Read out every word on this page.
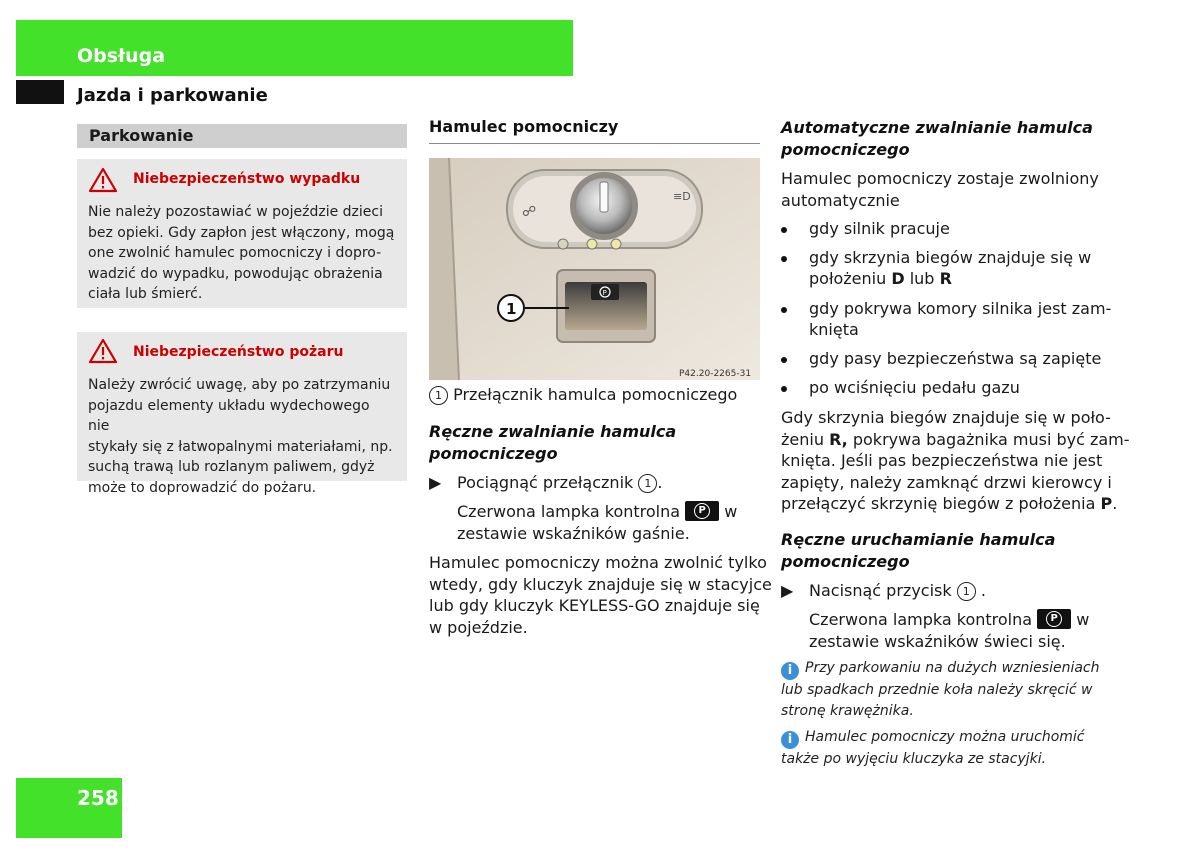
Obsługa
Jazda i parkowanie
Parkowanie
Niebezpieczeństwo wypadku
Nie należy pozostawiać w pojeździe dzieci
bez opieki. Gdy zapłon jest włączony, mogą
one zwolnić hamulec pomocniczy i dopro-
wadzić do wypadku, powodując obrażenia
ciała lub śmierć.
Niebezpieczeństwo pożaru
Należy zwrócić uwagę, aby po zatrzymaniu
pojazdu elementy układu wydechowego nie
stykały się z łatwopalnymi materiałami, np.
suchą trawą lub rozlanym paliwem, gdyż
może to doprowadzić do pożaru.
Hamulec pomocniczy
☍
≡D
P
1
P42.20-2265-31
1 Przełącznik hamulca pomocniczego
Ręczne zwalnianie hamulca
pomocniczego
▶ Pociągnąć przełącznik 1 .
Czerwona lampka kontrolna	P w
zestawie wskaźników gaśnie.
Hamulec pomocniczy można zwolnić tylko
wtedy, gdy kluczyk znajduje się w stacyjce
lub gdy kluczyk KEYLESS-GO znajduje się
w pojeździe.
Automatyczne zwalnianie hamulca
pomocniczego
Hamulec pomocniczy zostaje zwolniony
automatycznie
gdy silnik pracuje
gdy skrzynia biegów znajduje się w
położeniu D lub R
gdy pokrywa komory silnika jest zam-
knięta
gdy pasy bezpieczeństwa są zapięte
po wciśnięciu pedału gazu
Gdy skrzynia biegów znajduje się w poło-
żeniu R, pokrywa bagażnika musi być zam-
knięta. Jeśli pas bezpieczeństwa nie jest
zapięty, należy zamknąć drzwi kierowcy i
przełączyć skrzynię biegów z położenia P.
Ręczne uruchamianie hamulca
pomocniczego
▶ Nacisnąć przycisk 1 .
Czerwona lampka kontrolna	P w
zestawie wskaźników świeci się.
i Przy parkowaniu na dużych wzniesieniach
lub spadkach przednie koła należy skręcić w
stronę krawężnika.
i Hamulec pomocniczy można uruchomić
także po wyjęciu kluczyka ze stacyjki.
258
